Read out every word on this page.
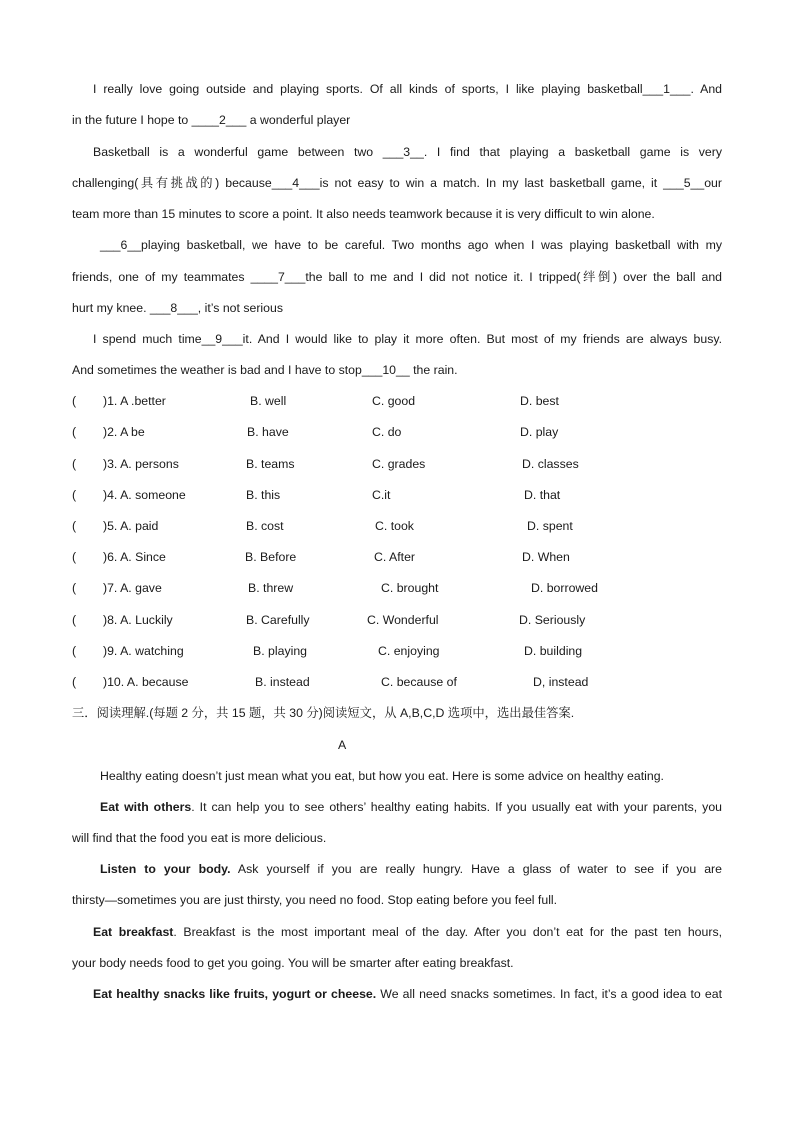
I really love going outside and playing sports. Of all kinds of sports, I like playing basketball___1___. And
in the future I hope to ____2___ a wonderful player
Basketball is a wonderful game between two ___3__. I find that playing a basketball game is very
challenging(具有挑战的) because___4___is not easy to win a match. In my last basketball game, it ___5__our
team more than 15 minutes to score a point. It also needs teamwork because it is very difficult to win alone.
___6__playing basketball, we have to be careful. Two months ago when I was playing basketball with my
friends, one of my teammates ____7___the ball to me and I did not notice it. I tripped(绊倒) over the ball and
hurt my knee. ___8___, it’s not serious
I spend much time__9___it. And I would like to play it more often. But most of my friends are always busy.
And sometimes the weather is bad and I have to stop___10__ the rain.
( )1. A .better	B. well	C. good	D. best
( )2. A be	B. have	C. do	D. play
( )3. A. persons	B. teams	C. grades	D. classes
( )4. A. someone	B. this	C.it	D. that
( )5. A. paid	B. cost	C. took	D. spent
( )6. A. Since	B. Before	C. After	D. When
( )7. A. gave	B. threw	C. brought	D. borrowed
( )8. A. Luckily	B. Carefully	C. Wonderful	D. Seriously
( )9. A. watching	B. playing	C. enjoying	D. building
( )10. A. because	B. instead	C. because of	D, instead
三．阅读理解.(每题 2 分，共 15 题，共 30 分)阅读短文，从 A,B,C,D 选项中，选出最佳答案.
A
Healthy eating doesn’t just mean what you eat, but how you eat. Here is some advice on healthy eating.
Eat with others. It can help you to see others’ healthy eating habits. If you usually eat with your parents, you
will find that the food you eat is more delicious.
Listen to your body. Ask yourself if you are really hungry. Have a glass of water to see if you are
thirsty—sometimes you are just thirsty, you need no food. Stop eating before you feel full.
Eat breakfast. Breakfast is the most important meal of the day. After you don’t eat for the past ten hours,
your body needs food to get you going. You will be smarter after eating breakfast.
Eat healthy snacks like fruits, yogurt or cheese. We all need snacks sometimes. In fact, it’s a good idea to eat
